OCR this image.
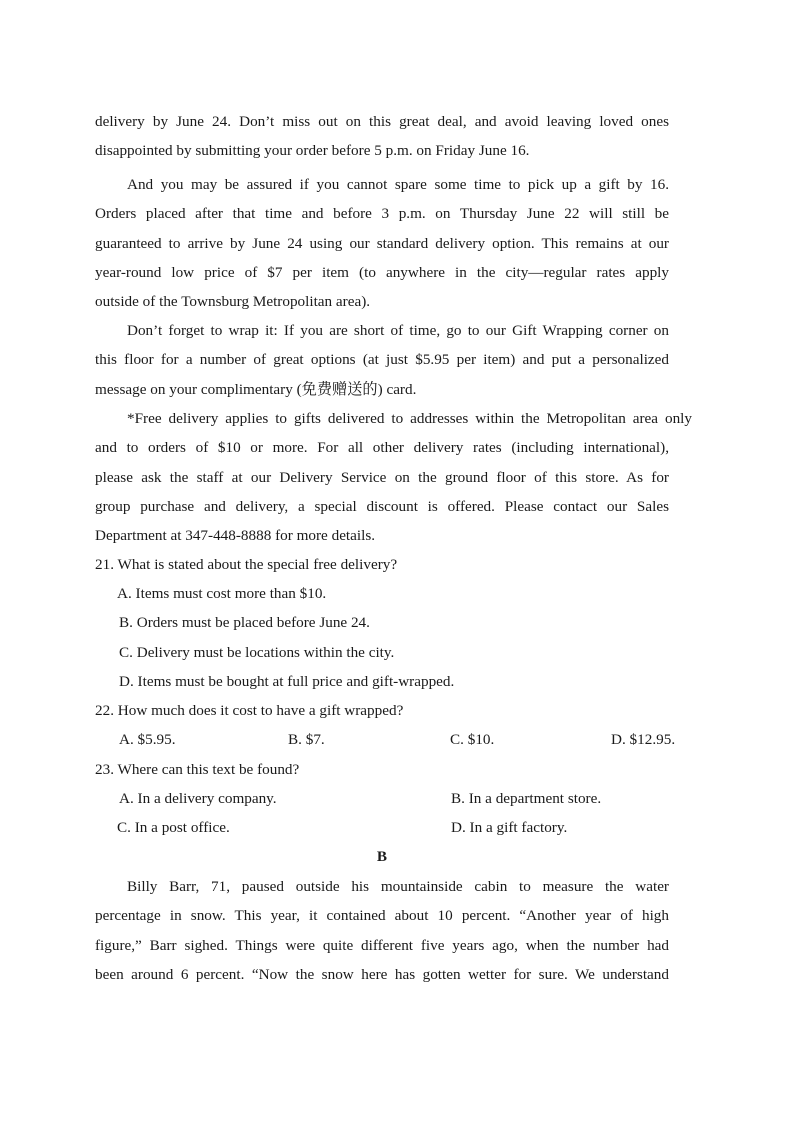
delivery by June 24. Don’t miss out on this great deal, and avoid leaving loved ones
disappointed by submitting your order before 5 p.m. on Friday June 16.
And you may be assured if you cannot spare some time to pick up a gift by 16.
Orders placed after that time and before 3 p.m. on Thursday June 22 will still be
guaranteed to arrive by June 24 using our standard delivery option. This remains at our
year-round low price of $7 per item (to anywhere in the city—regular rates apply
outside of the Townsburg Metropolitan area).
Don’t forget to wrap it: If you are short of time, go to our Gift Wrapping corner on
this floor for a number of great options (at just $5.95 per item) and put a personalized
message on your complimentary (免费赠送的) card.
*Free delivery applies to gifts delivered to addresses within the Metropolitan area only
and to orders of $10 or more. For all other delivery rates (including international),
please ask the staff at our Delivery Service on the ground floor of this store. As for
group purchase and delivery, a special discount is offered. Please contact our Sales
Department at 347-448-8888 for more details.
21. What is stated about the special free delivery?
A. Items must cost more than $10.
B. Orders must be placed before June 24.
C. Delivery must be locations within the city.
D. Items must be bought at full price and gift-wrapped.
22. How much does it cost to have a gift wrapped?
A. $5.95.	B. $7.	C. $10.	D. $12.95.
23. Where can this text be found?
A. In a delivery company.	B. In a department store.
C. In a post office.	D. In a gift factory.
B
Billy Barr, 71, paused outside his mountainside cabin to measure the water
percentage in snow. This year, it contained about 10 percent. “Another year of high
figure,” Barr sighed. Things were quite different five years ago, when the number had
been around 6 percent. “Now the snow here has gotten wetter for sure. We understand
